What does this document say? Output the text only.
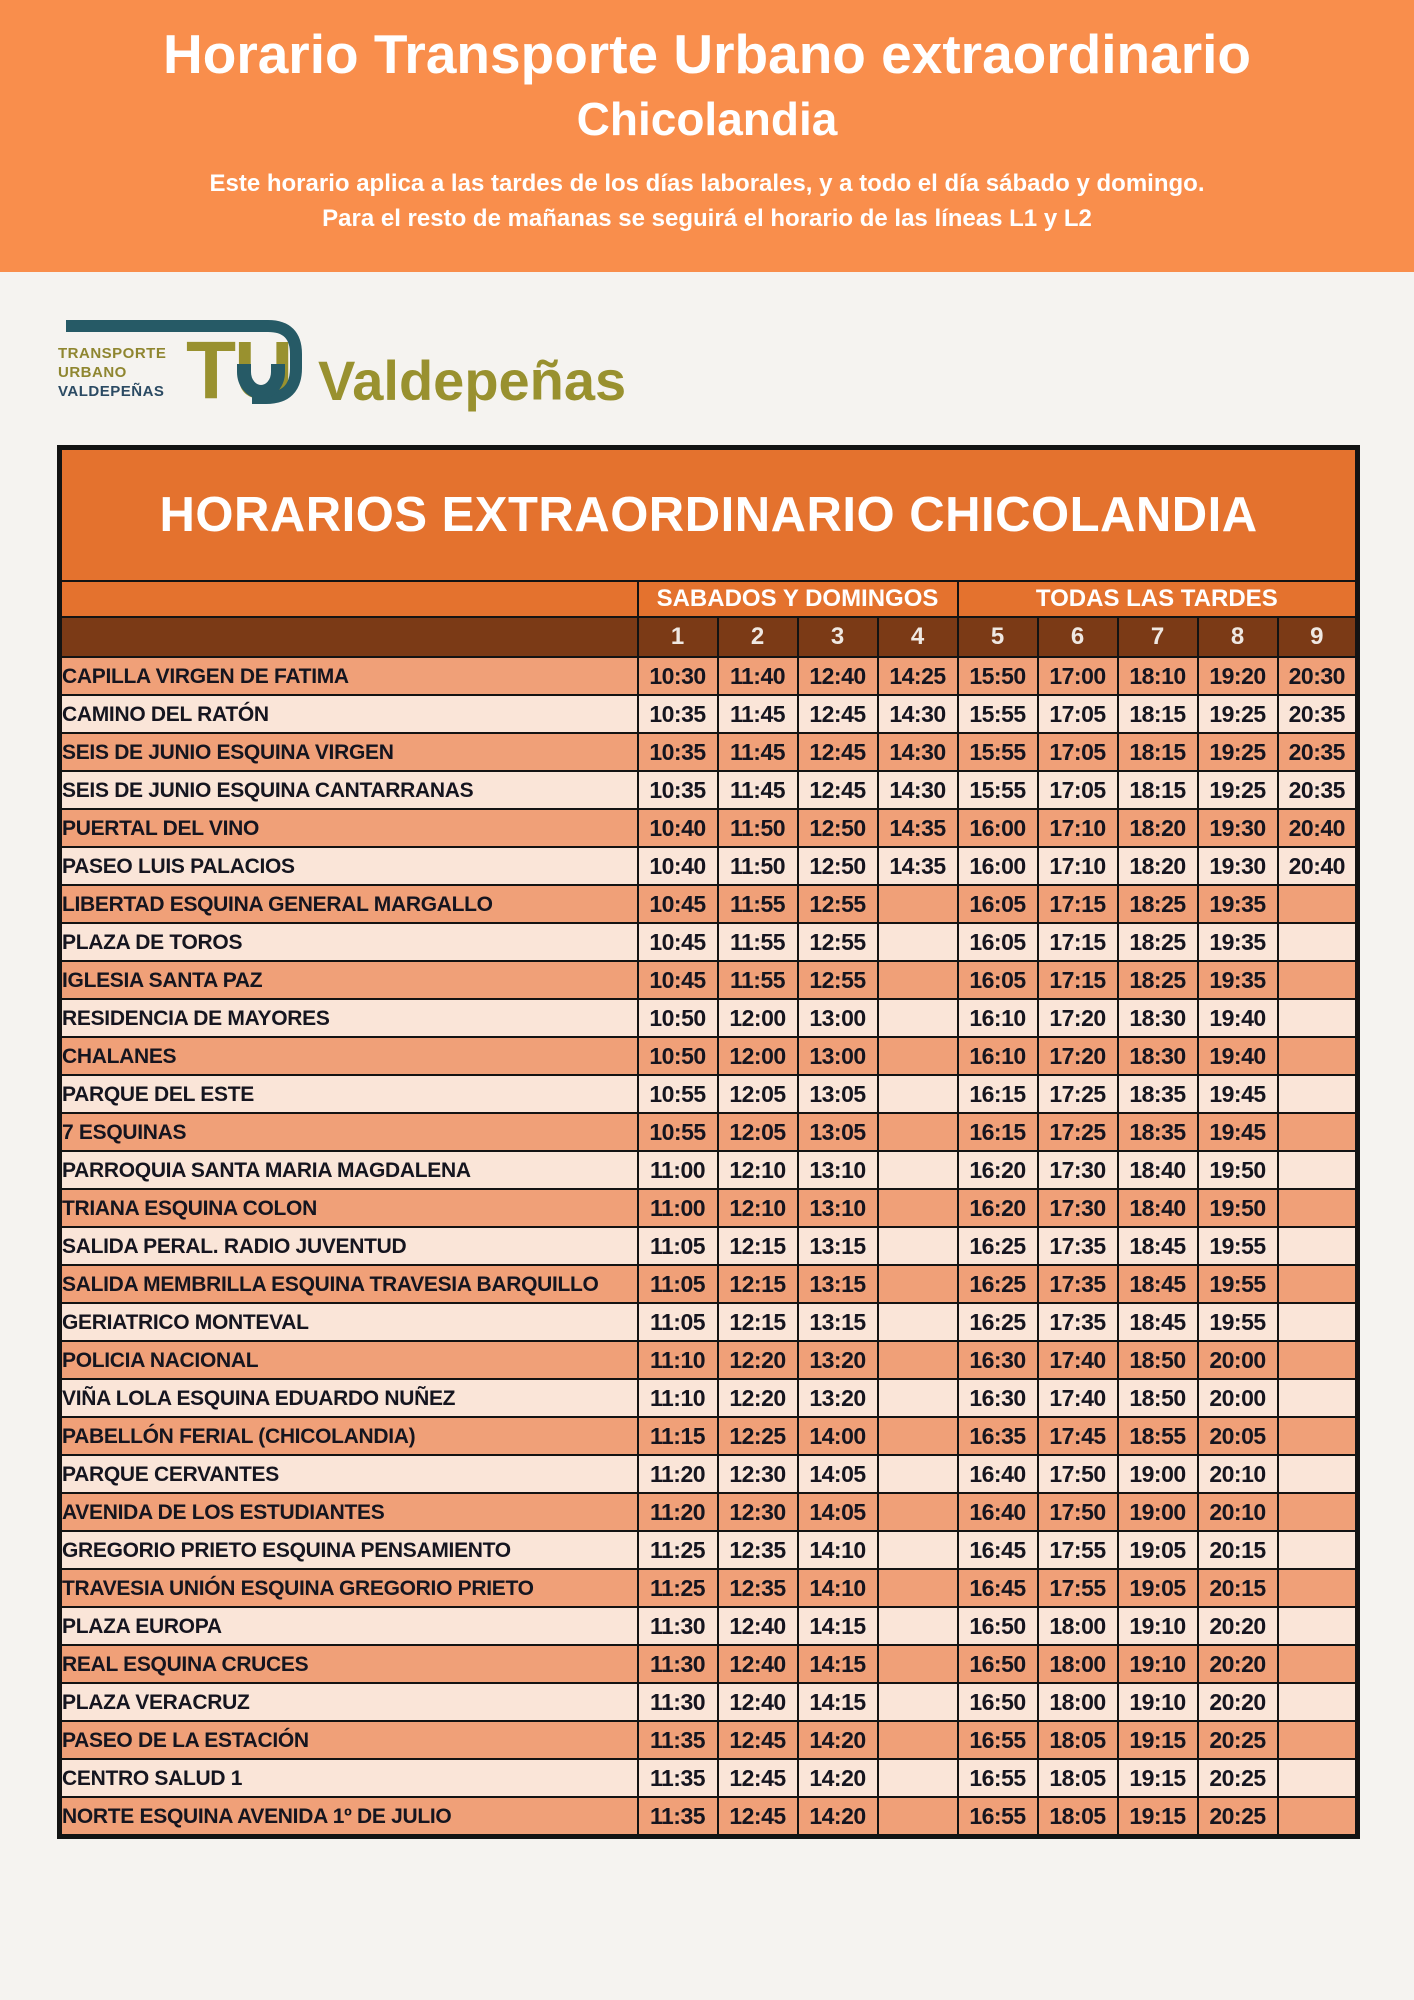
Horario Transporte Urbano extraordinario
Chicolandia
Este horario aplica a las tardes de los días laborales, y a todo el día sábado y domingo.
Para el resto de mañanas se seguirá el horario de las líneas L1 y L2
TRANSPORTE
URBANO
VALDEPEÑAS T
U Valdepeñas
HORARIOS EXTRAORDINARIO CHICOLANDIA									
	SABADOS Y DOMINGOS				TODAS LAS TARDES				
	1	2	3	4	5	6	7	8	9
CAPILLA VIRGEN DE FATIMA	10:30	11:40	12:40	14:25	15:50	17:00	18:10	19:20	20:30
CAMINO DEL RATÓN	10:35	11:45	12:45	14:30	15:55	17:05	18:15	19:25	20:35
SEIS DE JUNIO ESQUINA VIRGEN	10:35	11:45	12:45	14:30	15:55	17:05	18:15	19:25	20:35
SEIS DE JUNIO ESQUINA CANTARRANAS	10:35	11:45	12:45	14:30	15:55	17:05	18:15	19:25	20:35
PUERTAL DEL VINO	10:40	11:50	12:50	14:35	16:00	17:10	18:20	19:30	20:40
PASEO LUIS PALACIOS	10:40	11:50	12:50	14:35	16:00	17:10	18:20	19:30	20:40
LIBERTAD ESQUINA GENERAL MARGALLO	10:45	11:55	12:55		16:05	17:15	18:25	19:35	
PLAZA DE TOROS	10:45	11:55	12:55		16:05	17:15	18:25	19:35	
IGLESIA SANTA PAZ	10:45	11:55	12:55		16:05	17:15	18:25	19:35	
RESIDENCIA DE MAYORES	10:50	12:00	13:00		16:10	17:20	18:30	19:40	
CHALANES	10:50	12:00	13:00		16:10	17:20	18:30	19:40	
PARQUE DEL ESTE	10:55	12:05	13:05		16:15	17:25	18:35	19:45	
7 ESQUINAS	10:55	12:05	13:05		16:15	17:25	18:35	19:45	
PARROQUIA SANTA MARIA MAGDALENA	11:00	12:10	13:10		16:20	17:30	18:40	19:50	
TRIANA ESQUINA COLON	11:00	12:10	13:10		16:20	17:30	18:40	19:50	
SALIDA PERAL. RADIO JUVENTUD	11:05	12:15	13:15		16:25	17:35	18:45	19:55	
SALIDA MEMBRILLA ESQUINA TRAVESIA BARQUILLO	11:05	12:15	13:15		16:25	17:35	18:45	19:55	
GERIATRICO MONTEVAL	11:05	12:15	13:15		16:25	17:35	18:45	19:55	
POLICIA NACIONAL	11:10	12:20	13:20		16:30	17:40	18:50	20:00	
VIÑA LOLA ESQUINA EDUARDO NUÑEZ	11:10	12:20	13:20		16:30	17:40	18:50	20:00	
PABELLÓN FERIAL (CHICOLANDIA)	11:15	12:25	14:00		16:35	17:45	18:55	20:05	
PARQUE CERVANTES	11:20	12:30	14:05		16:40	17:50	19:00	20:10	
AVENIDA DE LOS ESTUDIANTES	11:20	12:30	14:05		16:40	17:50	19:00	20:10	
GREGORIO PRIETO ESQUINA PENSAMIENTO	11:25	12:35	14:10		16:45	17:55	19:05	20:15	
TRAVESIA UNIÓN ESQUINA GREGORIO PRIETO	11:25	12:35	14:10		16:45	17:55	19:05	20:15	
PLAZA EUROPA	11:30	12:40	14:15		16:50	18:00	19:10	20:20	
REAL ESQUINA CRUCES	11:30	12:40	14:15		16:50	18:00	19:10	20:20	
PLAZA VERACRUZ	11:30	12:40	14:15		16:50	18:00	19:10	20:20	
PASEO DE LA ESTACIÓN	11:35	12:45	14:20		16:55	18:05	19:15	20:25	
CENTRO SALUD 1	11:35	12:45	14:20		16:55	18:05	19:15	20:25	
NORTE ESQUINA AVENIDA 1º DE JULIO	11:35	12:45	14:20		16:55	18:05	19:15	20:25	
